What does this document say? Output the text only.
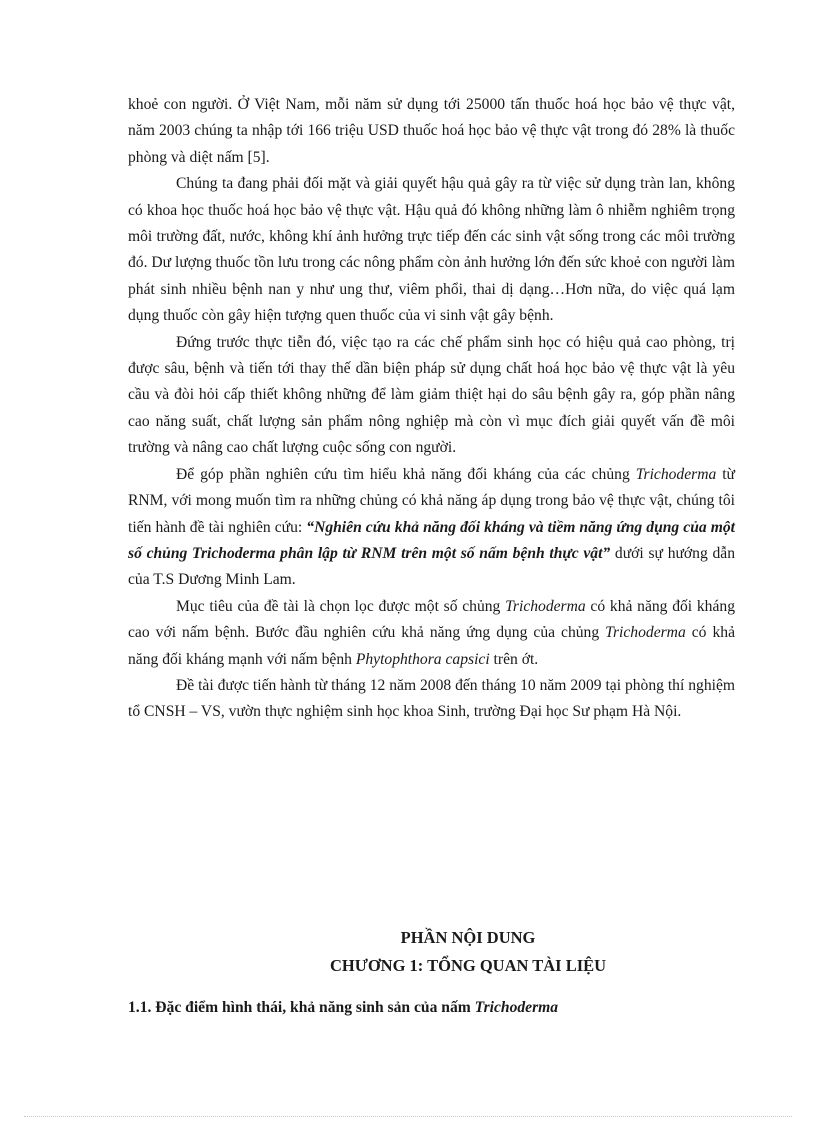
khoẻ con người. Ở Việt Nam, mỗi năm sử dụng tới 25000 tấn thuốc hoá học bảo vệ thực vật, năm 2003 chúng ta nhập tới 166 triệu USD thuốc hoá học bảo vệ thực vật trong đó 28% là thuốc phòng và diệt nấm [5].

Chúng ta đang phải đối mặt và giải quyết hậu quả gây ra từ việc sử dụng tràn lan, không có khoa học thuốc hoá học bảo vệ thực vật. Hậu quả đó không những làm ô nhiễm nghiêm trọng môi trường đất, nước, không khí ảnh hưởng trực tiếp đến các sinh vật sống trong các môi trường đó. Dư lượng thuốc tồn lưu trong các nông phẩm còn ảnh hưởng lớn đến sức khoẻ con người làm phát sinh nhiều bệnh nan y như ung thư, viêm phổi, thai dị dạng…Hơn nữa, do việc quá lạm dụng thuốc còn gây hiện tượng quen thuốc của vi sinh vật gây bệnh.

Đứng trước thực tiễn đó, việc tạo ra các chế phẩm sinh học có hiệu quả cao phòng, trị được sâu, bệnh và tiến tới thay thế dần biện pháp sử dụng chất hoá học bảo vệ thực vật là yêu cầu và đòi hỏi cấp thiết không những để làm giảm thiệt hại do sâu bệnh gây ra, góp phần nâng cao năng suất, chất lượng sản phẩm nông nghiệp mà còn vì mục đích giải quyết vấn đề môi trường và nâng cao chất lượng cuộc sống con người.

Để góp phần nghiên cứu tìm hiểu khả năng đối kháng của các chủng Trichoderma từ RNM, với mong muốn tìm ra những chủng có khả năng áp dụng trong bảo vệ thực vật, chúng tôi tiến hành đề tài nghiên cứu: “Nghiên cứu khả năng đối kháng và tiềm năng ứng dụng của một số chủng Trichoderma phân lập từ RNM trên một số nấm bệnh thực vật” dưới sự hướng dẫn của T.S Dương Minh Lam.

Mục tiêu của đề tài là chọn lọc được một số chủng Trichoderma có khả năng đối kháng cao với nấm bệnh. Bước đầu nghiên cứu khả năng ứng dụng của chủng Trichoderma có khả năng đối kháng mạnh với nấm bệnh Phytophthora capsici trên ớt.

Đề tài được tiến hành từ tháng 12 năm 2008 đến tháng 10 năm 2009 tại phòng thí nghiệm tổ CNSH – VS, vườn thực nghiệm sinh học khoa Sinh, trường Đại học Sư phạm Hà Nội.

PHẦN NỘI DUNG
CHƯƠNG 1: TỔNG QUAN TÀI LIỆU
1.1. Đặc điểm hình thái, khả năng sinh sản của nấm Trichoderma
